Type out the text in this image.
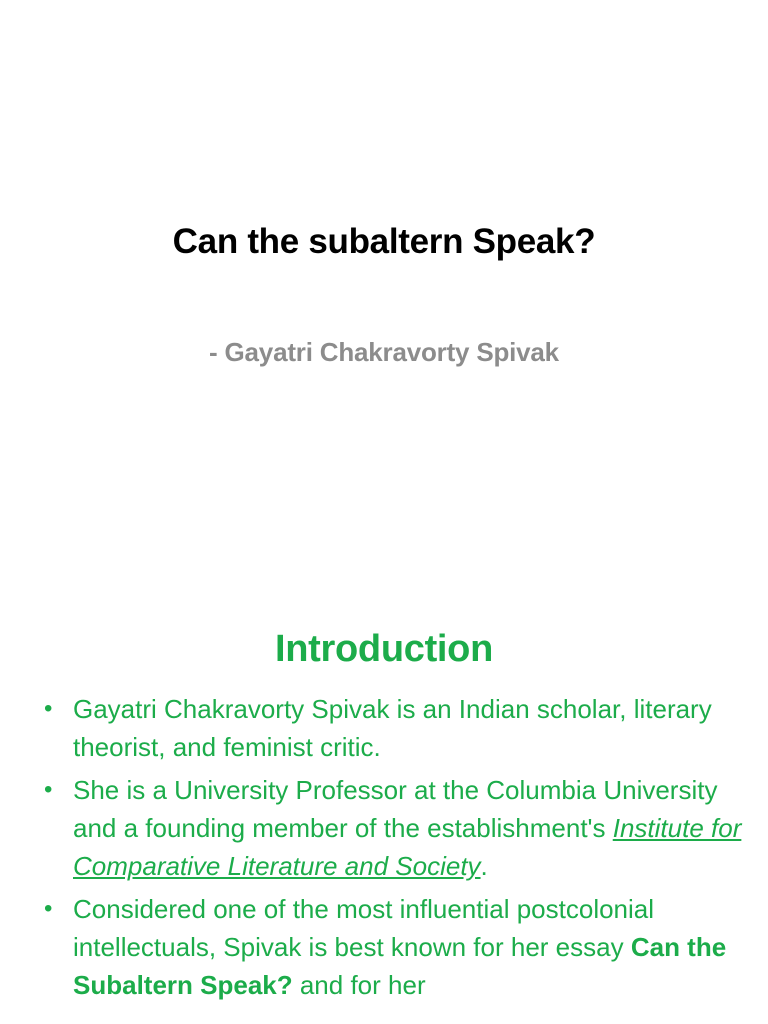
Can the subaltern Speak?
- Gayatri Chakravorty Spivak
Introduction
• Gayatri Chakravorty Spivak is an Indian scholar, literary theorist, and feminist critic.
• She is a University Professor at the Columbia University and a founding member of the establishment's Institute for Comparative Literature and Society.
• Considered one of the most influential postcolonial intellectuals, Spivak is best known for her essay Can the Subaltern Speak? and for her
